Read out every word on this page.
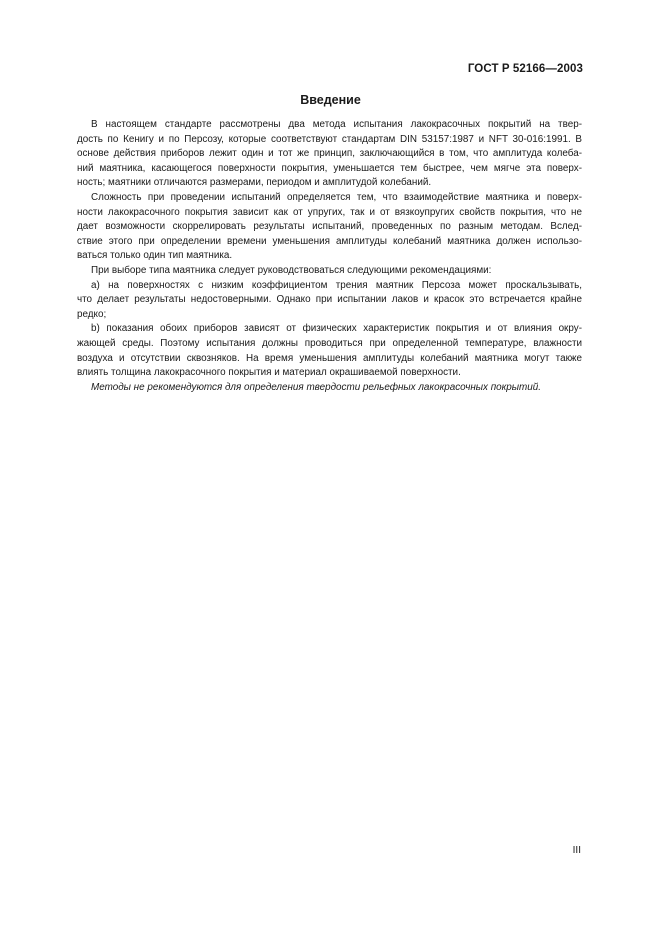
ГОСТ Р 52166—2003
Введение
В настоящем стандарте рассмотрены два метода испытания лакокрасочных покрытий на твер-
дость по Кенигу и по Персозу, которые соответствуют стандартам DIN 53157:1987 и NFT 30-016:1991. В
основе действия приборов лежит один и тот же принцип, заключающийся в том, что амплитуда колеба-
ний маятника, касающегося поверхности покрытия, уменьшается тем быстрее, чем мягче эта поверх-
ность; маятники отличаются размерами, периодом и амплитудой колебаний.
Сложность при проведении испытаний определяется тем, что взаимодействие маятника и поверх-
ности лакокрасочного покрытия зависит как от упругих, так и от вязкоупругих свойств покрытия, что не
дает возможности скоррелировать результаты испытаний, проведенных по разным методам. Вслед-
ствие этого при определении времени уменьшения амплитуды колебаний маятника должен использо-
ваться только один тип маятника.
При выборе типа маятника следует руководствоваться следующими рекомендациями:
а) на поверхностях с низким коэффициентом трения маятник Персоза может проскальзывать,
что делает результаты недостоверными. Однако при испытании лаков и красок это встречается крайне
редко;
b) показания обоих приборов зависят от физических характеристик покрытия и от влияния окру-
жающей среды. Поэтому испытания должны проводиться при определенной температуре, влажности
воздуха и отсутствии сквозняков. На время уменьшения амплитуды колебаний маятника могут также
влиять толщина лакокрасочного покрытия и материал окрашиваемой поверхности.
Методы не рекомендуются для определения твердости рельефных лакокрасочных покрытий.
III
